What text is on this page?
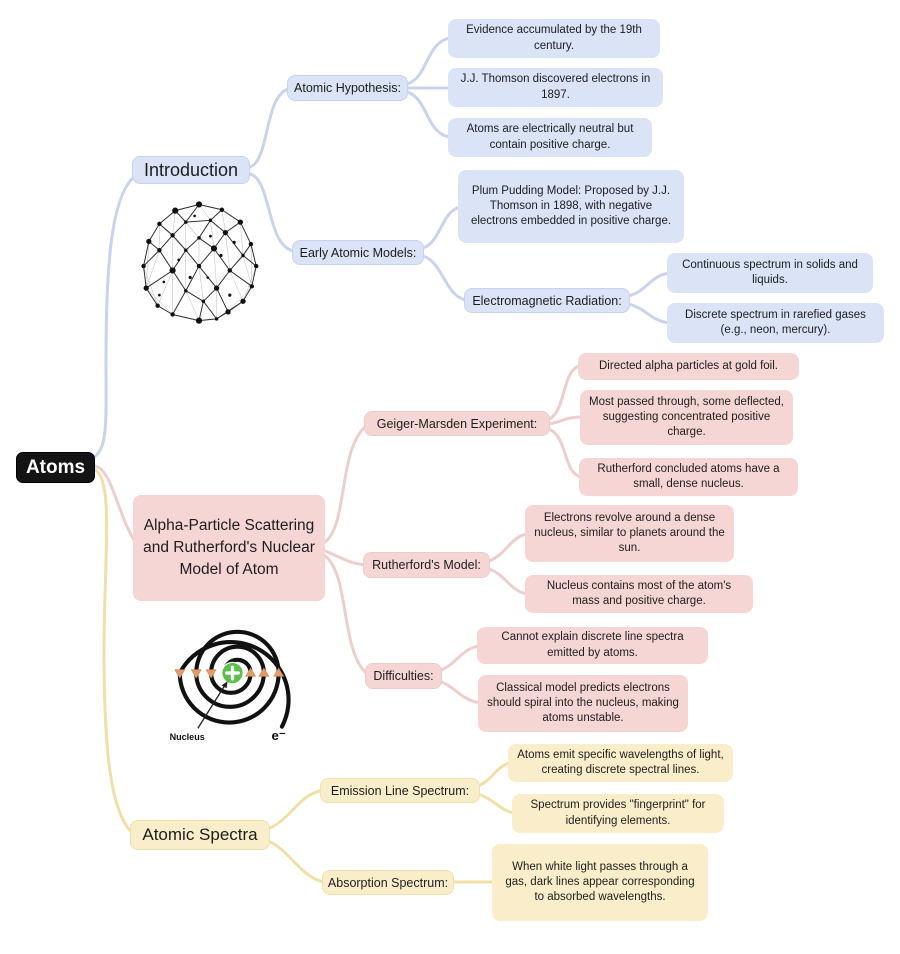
Atoms
Introduction
Atomic Hypothesis:
Evidence accumulated by the 19th century.
J.J. Thomson discovered electrons in 1897.
Atoms are electrically neutral but contain positive charge.
Early Atomic Models:
Plum Pudding Model: Proposed by J.J. Thomson in 1898, with negative electrons embedded in positive charge.
Electromagnetic Radiation:
Continuous spectrum in solids and liquids.
Discrete spectrum in rarefied gases (e.g., neon, mercury).
Alpha-Particle Scattering and Rutherford's Nuclear Model of Atom
Geiger-Marsden Experiment:
Directed alpha particles at gold foil.
Most passed through, some deflected, suggesting concentrated positive charge.
Rutherford concluded atoms have a small, dense nucleus.
Rutherford's Model:
Electrons revolve around a dense nucleus, similar to planets around the sun.
Nucleus contains most of the atom's mass and positive charge.
Difficulties:
Cannot explain discrete line spectra emitted by atoms.
Classical model predicts electrons should spiral into the nucleus, making atoms unstable.
Nucleus	e⁻
Atomic Spectra
Emission Line Spectrum:
Atoms emit specific wavelengths of light, creating discrete spectral lines.
Spectrum provides "fingerprint" for identifying elements.
Absorption Spectrum:
When white light passes through a gas, dark lines appear corresponding to absorbed wavelengths.
